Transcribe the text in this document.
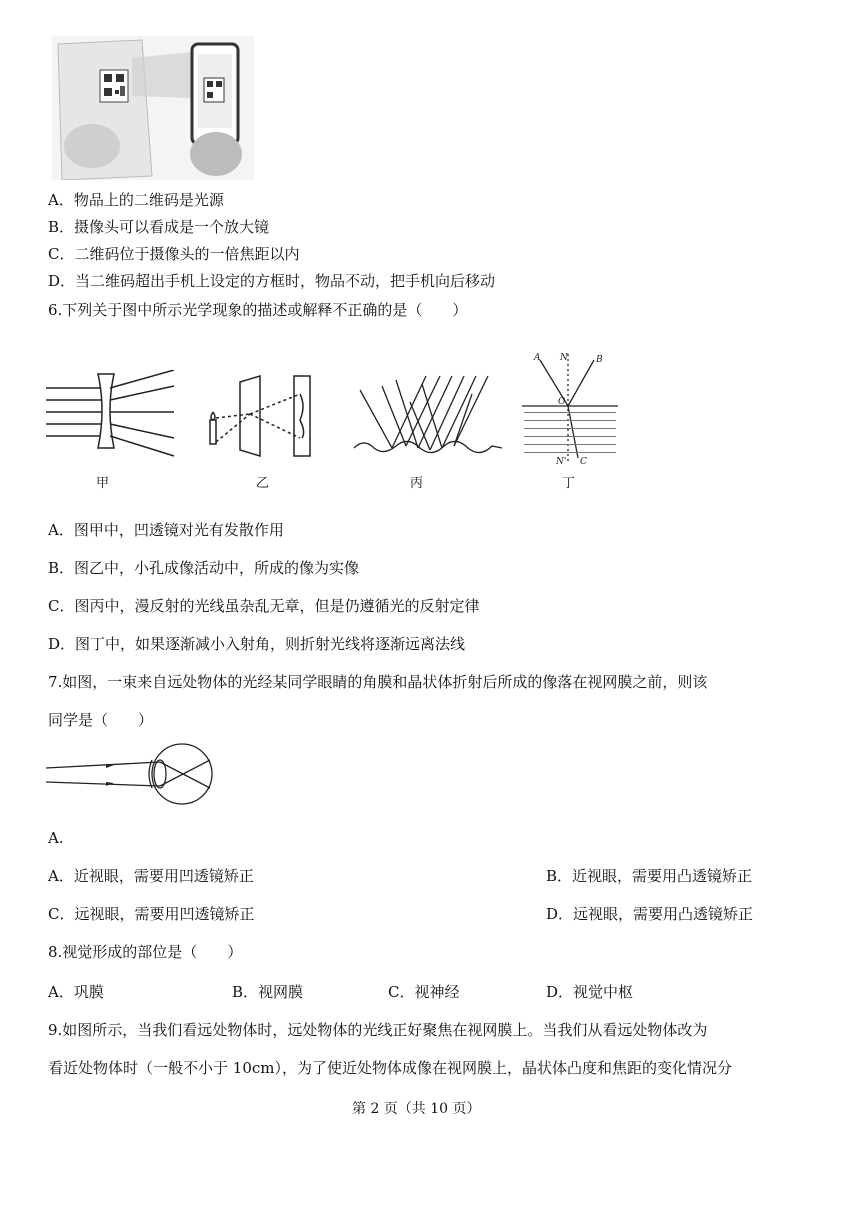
A．物品上的二维码是光源
B．摄像头可以看成是一个放大镜
C．二维码位于摄像头的一倍焦距以内
D．当二维码超出手机上设定的方框时，物品不动，把手机向后移动
6.下列关于图中所示光学现象的描述或解释不正确的是（　　）
甲	乙	丙
A N	B
O
N' C
丁
A．图甲中，凹透镜对光有发散作用
B．图乙中，小孔成像活动中，所成的像为实像
C．图丙中，漫反射的光线虽杂乱无章，但是仍遵循光的反射定律
D．图丁中，如果逐渐减小入射角，则折射光线将逐渐远离法线
7.如图，一束来自远处物体的光经某同学眼睛的角膜和晶状体折射后所成的像落在视网膜之前，则该
同学是（　　）
A.
A．近视眼，需要用凹透镜矫正	B．近视眼，需要用凸透镜矫正
C．远视眼，需要用凹透镜矫正	D．远视眼，需要用凸透镜矫正
8.视觉形成的部位是（　　）
A．巩膜	B．视网膜	C．视神经	D．视觉中枢
9.如图所示，当我们看远处物体时，远处物体的光线正好聚焦在视网膜上。当我们从看远处物体改为
看近处物体时（一般不小于 10cm），为了使近处物体成像在视网膜上，晶状体凸度和焦距的变化情况分
第 2 页（共 10 页）
